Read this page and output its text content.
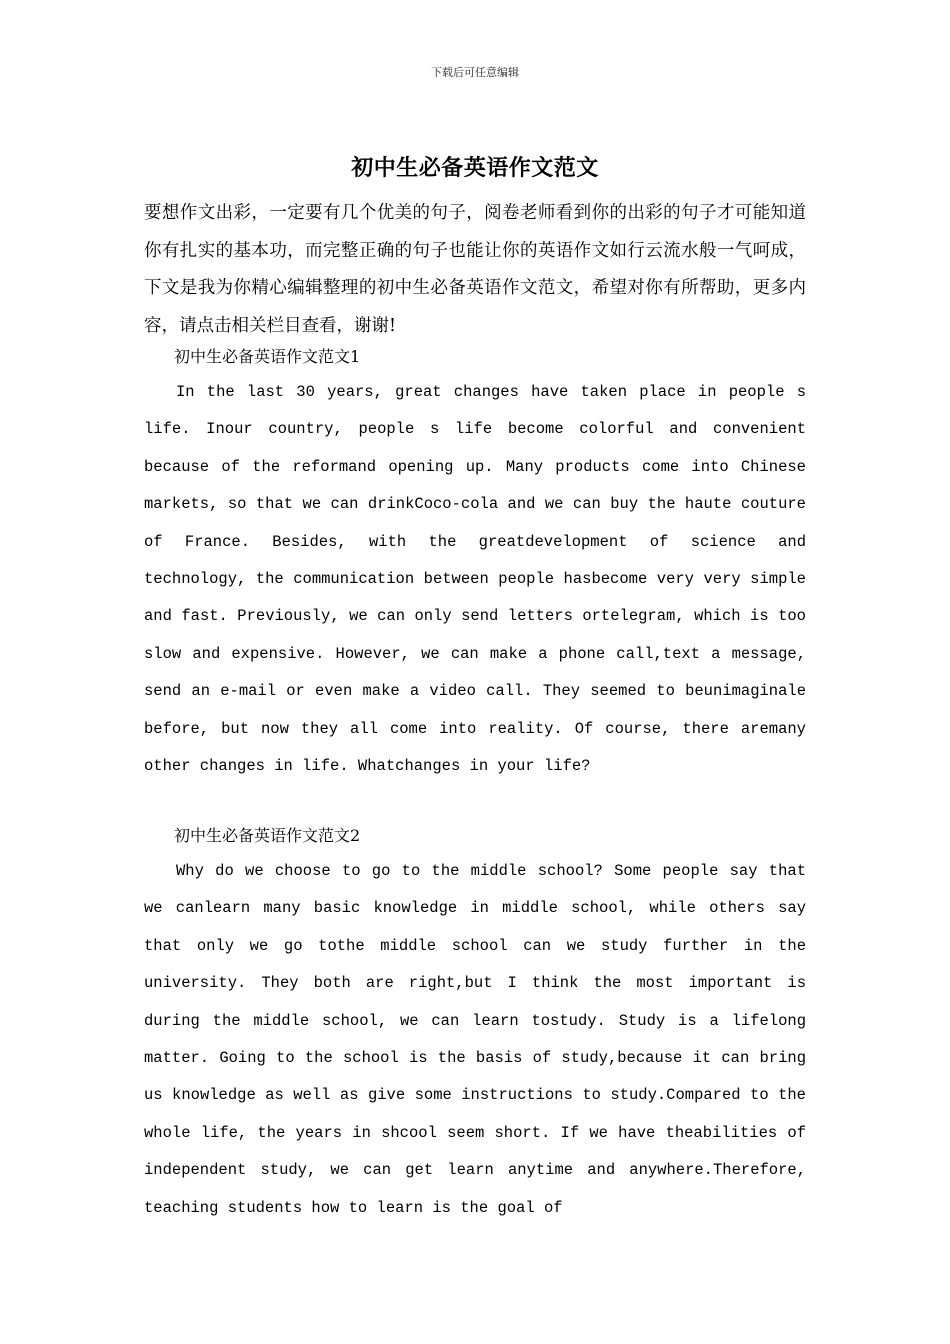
下载后可任意编辑
初中生必备英语作文范文

要想作文出彩，一定要有几个优美的句子，阅卷老师看到你的出彩的句子才可能知道你有扎实的基本功，而完整正确的句子也能让你的英语作文如行云流水般一气呵成，下文是我为你精心编辑整理的初中生必备英语作文范文，希望对你有所帮助，更多内容，请点击相关栏目查看，谢谢!

初中生必备英语作文范文1

In the last 30 years, great changes have taken place in people s life. Inour country, people s life become colorful and convenient because of the reformand opening up. Many products come into Chinese markets, so that we can drinkCoco-cola and we can buy the haute couture of France. Besides, with the greatdevelopment of science and technology, the communication between people hasbecome very very simple and fast. Previously, we can only send letters ortelegram, which is too slow and expensive. However, we can make a phone call,text a message, send an e-mail or even make a video call. They seemed to beunimaginale before, but now they all come into reality. Of course, there aremany other changes in life. Whatchanges in your life?

初中生必备英语作文范文2

Why do we choose to go to the middle school? Some people say that we canlearn many basic knowledge in middle school, while others say that only we go tothe middle school can we study further in the university. They both are right,but I think the most important is during the middle school, we can learn tostudy. Study is a lifelong matter. Going to the school is the basis of study,because it can bring us knowledge as well as give some instructions to study.Compared to the whole life, the years in shcool seem short. If we have theabilities of independent study, we can get learn anytime and anywhere.Therefore, teaching students how to learn is the goal of
